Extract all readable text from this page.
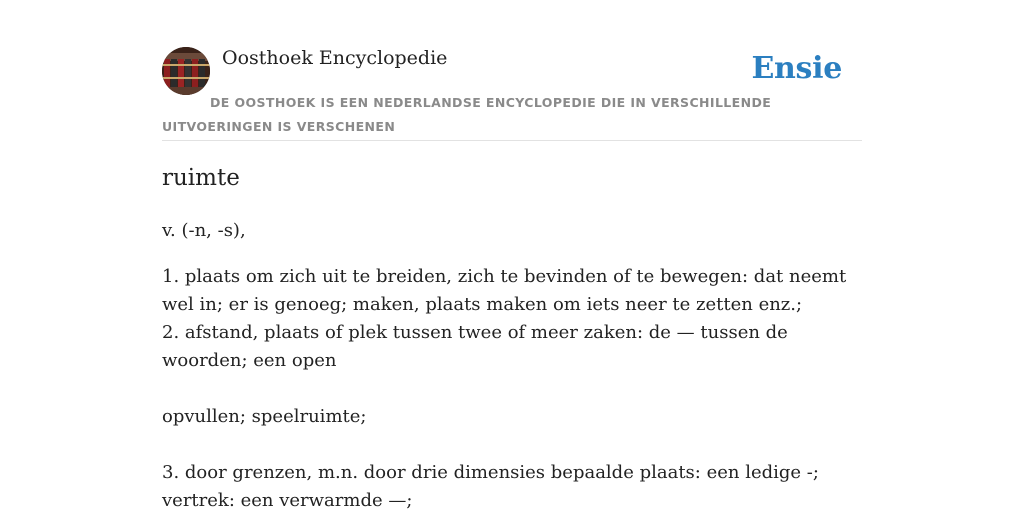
Oosthoek Encyclopedie	Ensie
DE OOSTHOEK IS EEN NEDERLANDSE ENCYCLOPEDIE DIE IN VERSCHILLENDE UITVOERINGEN IS VERSCHENEN
ruimte
v. (-n, -s),

1. plaats om zich uit te breiden, zich te bevinden of te bewegen: dat neemt wel in; er is genoeg; maken, plaats maken om iets neer te zetten enz.;

2. afstand, plaats of plek tussen twee of meer zaken: de — tussen de woorden; een open

opvullen; speelruimte;

3. door grenzen, m.n. door drie dimensies bepaalde plaats: een ledige -; vertrek: een verwarmde —;
